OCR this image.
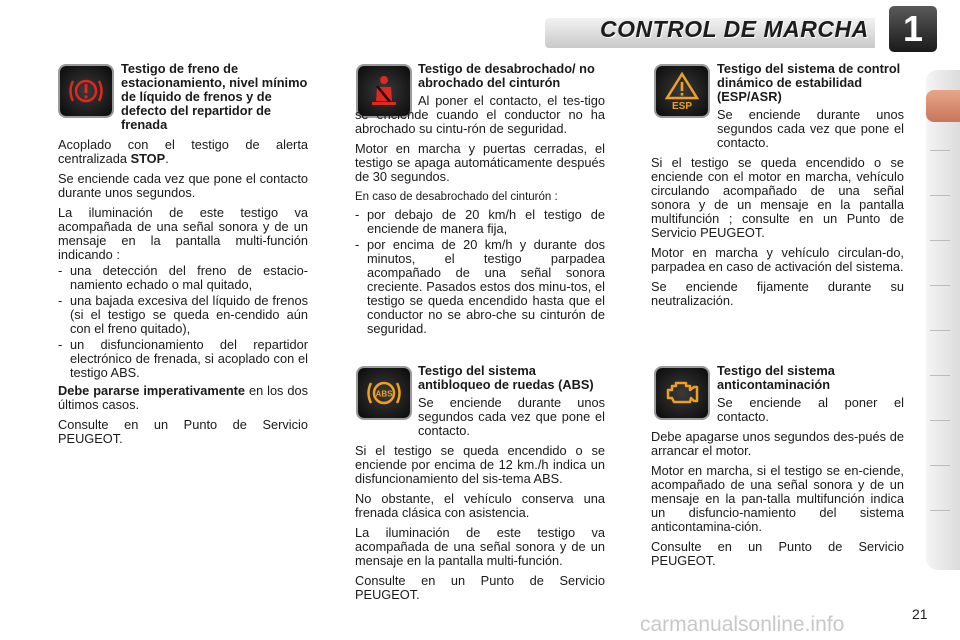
CONTROL DE MARCHA 1
ESP
ABS

Testigo de freno de estacionamiento, nivel mínimo de líquido de frenos y de defecto del repartidor de frenada

Acoplado con el testigo de alerta centralizada STOP.

Se enciende cada vez que pone el contacto durante unos segundos.

La iluminación de este testigo va acompañada de una señal sonora y de un mensaje en la pantalla multi-función indicando :

- una detección del freno de estacio-namiento echado o mal quitado,
- una bajada excesiva del líquido de frenos (si el testigo se queda en-cendido aún con el freno quitado),
- un disfuncionamiento del repartidor electrónico de frenada, si acoplado con el testigo ABS.

Debe pararse imperativamente en los dos últimos casos.

Consulte en un Punto de Servicio PEUGEOT.

Testigo de desabrochado/ no abrochado del cinturón

Al poner el contacto, el tes-tigo se enciende cuando el conductor no ha abrochado su cintu-rón de seguridad.

Motor en marcha y puertas cerradas, el testigo se apaga automáticamente después de 30 segundos.

En caso de desabrochado del cinturón :

- por debajo de 20 km/h el testigo de enciende de manera fija,
- por encima de 20 km/h y durante dos minutos, el testigo parpadea acompañado de una señal sonora creciente. Pasados estos dos minu-tos, el testigo se queda encendido hasta que el conductor no se abro-che su cinturón de seguridad.

Testigo del sistema antibloqueo de ruedas (ABS)

Se enciende durante unos segundos cada vez que pone el contacto.

Si el testigo se queda encendido o se enciende por encima de 12 km./h indica un disfuncionamiento del sis-tema ABS.

No obstante, el vehículo conserva una frenada clásica con asistencia.

La iluminación de este testigo va acompañada de una señal sonora y de un mensaje en la pantalla multi-función.

Consulte en un Punto de Servicio PEUGEOT.

Testigo del sistema de control dinámico de estabilidad (ESP/ASR)

Se enciende durante unos segundos cada vez que pone el contacto.

Si el testigo se queda encendido o se enciende con el motor en marcha, vehículo circulando acompañado de una señal sonora y de un mensaje en la pantalla multifunción ; consulte en un Punto de Servicio PEUGEOT.

Motor en marcha y vehículo circulan-do, parpadea en caso de activación del sistema.

Se enciende fijamente durante su neutralización.

Testigo del sistema anticontaminación

Se enciende al poner el contacto.

Debe apagarse unos segundos des-pués de arrancar el motor.

Motor en marcha, si el testigo se en-ciende, acompañado de una señal sonora y de un mensaje en la pan-talla multifunción indica un disfuncio-namiento del sistema anticontamina-ción.

Consulte en un Punto de Servicio PEUGEOT.

carmanualsonline.info	21
